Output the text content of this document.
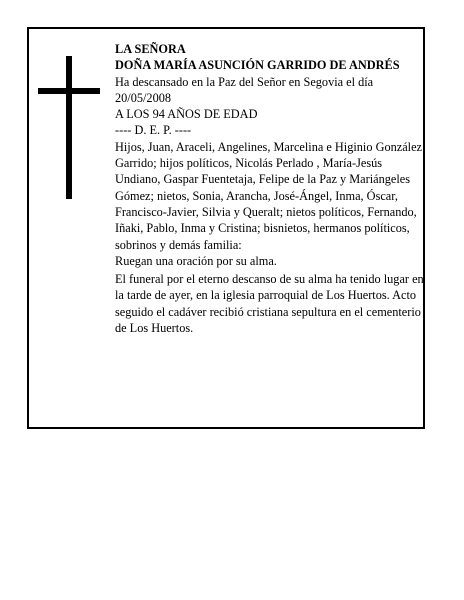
LA SEÑORA

DOÑA MARÍA ASUNCIÓN GARRIDO DE ANDRÉS

Ha descansado en la Paz del Señor en Segovia el día 20/05/2008

A LOS 94 AÑOS DE EDAD

---- D. E. P. ----

Hijos, Juan, Araceli, Angelines, Marcelina e Higinio González Garrido; hijos políticos, Nicolás Perlado , María-Jesús Undiano, Gaspar Fuentetaja, Felipe de la Paz y Mariángeles Gómez; nietos, Sonia, Arancha, José-Ángel, Inma, Óscar, Francisco-Javier, Silvia y Queralt; nietos políticos, Fernando, Iñaki, Pablo, Inma y Cristina; bisnietos, hermanos políticos, sobrinos y demás familia:

Ruegan una oración por su alma.

El funeral por el eterno descanso de su alma ha tenido lugar en la tarde de ayer, en la iglesia parroquial de Los Huertos. Acto seguido el cadáver recibió cristiana sepultura en el cementerio de Los Huertos.
